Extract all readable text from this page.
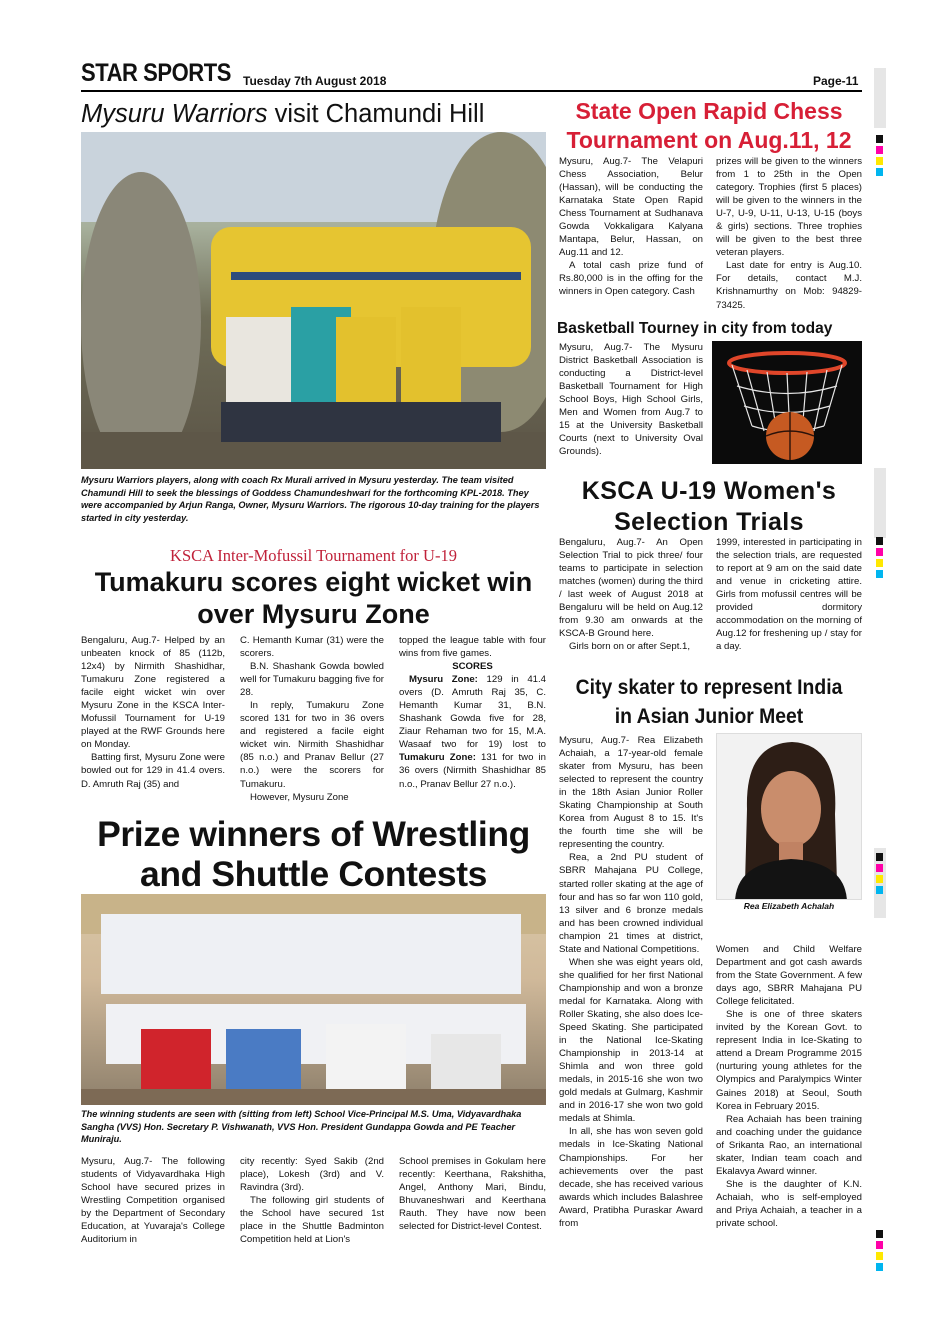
STAR SPORTS Tuesday 7th August 2018	Page-11
Mysuru Warriors visit Chamundi Hill

Mysuru Warriors players, along with coach Rx Murali arrived in Mysuru yesterday. The team visited Chamundi Hill to seek the blessings of Goddess Chamundeshwari for the forthcoming KPL-2018. They were accompanied by Arjun Ranga, Owner, Mysuru Warriors. The rigorous 10-day training for the players started in city yesterday.

KSCA Inter-Mofussil Tournament for U-19
Tumakuru scores eight wicket win
over Mysuru Zone

Bengaluru, Aug.7- Helped by an unbeaten knock of 85 (112b, 12x4) by Nirmith Shashidhar, Tumakuru Zone registered a facile eight wicket win over Mysuru Zone in the KSCA Inter-Mofussil Tournament for U-19 played at the RWF Grounds here on Monday.

Batting first, Mysuru Zone were bowled out for 129 in 41.4 overs. D. Amruth Raj (35) and

C. Hemanth Kumar (31) were the scorers.

B.N. Shashank Gowda bowled well for Tumakuru bagging five for 28.

In reply, Tumakuru Zone scored 131 for two in 36 overs and registered a facile eight wicket win. Nirmith Shashidhar (85 n.o.) and Pranav Bellur (27 n.o.) were the scorers for Tumakuru.

However, Mysuru Zone

topped the league table with four wins from five games.

SCORES

Mysuru Zone: 129 in 41.4 overs (D. Amruth Raj 35, C. Hemanth Kumar 31, B.N. Shashank Gowda five for 28, Ziaur Rehaman two for 15, M.A. Wasaaf two for 19) lost to Tumakuru Zone: 131 for two in 36 overs (Nirmith Shashidhar 85 n.o., Pranav Bellur 27 n.o.).

Prize winners of Wrestling
and Shuttle Contests

The winning students are seen with (sitting from left) School Vice-Principal M.S. Uma, Vidyavardhaka Sangha (VVS) Hon. Secretary P. Vishwanath, VVS Hon. President Gundappa Gowda and PE Teacher Muniraju.

Mysuru, Aug.7- The following students of Vidyavardhaka High School have secured prizes in Wrestling Competition organised by the Department of Secondary Education, at Yuvaraja's College Auditorium in

city recently: Syed Sakib (2nd place), Lokesh (3rd) and V. Ravindra (3rd).

The following girl students of the School have secured 1st place in the Shuttle Badminton Competition held at Lion's

School premises in Gokulam here recently: Keerthana, Rakshitha, Angel, Anthony Mari, Bindu, Bhuvaneshwari and Keerthana Rauth. They have now been selected for District-level Contest.

State Open Rapid Chess
Tournament on Aug.11, 12

Mysuru, Aug.7- The Velapuri Chess Association, Belur (Hassan), will be conducting the Karnataka State Open Rapid Chess Tournament at Sudhanava Gowda Vokkaligara Kalyana Mantapa, Belur, Hassan, on Aug.11 and 12.

A total cash prize fund of Rs.80,000 is in the offing for the winners in Open category. Cash

prizes will be given to the winners from 1 to 25th in the Open category. Trophies (first 5 places) will be given to the winners in the U-7, U-9, U-11, U-13, U-15 (boys & girls) sections. Three trophies will be given to the best three veteran players.

Last date for entry is Aug.10. For details, contact M.J. Krishnamurthy on Mob: 94829-73425.

Basketball Tourney in city from today

Mysuru, Aug.7- The Mysuru District Basketball Association is conducting a District-level Basketball Tournament for High School Boys, High School Girls, Men and Women from Aug.7 to 15 at the University Basketball Courts (next to University Oval Grounds).

KSCA U-19 Women's
Selection Trials

Bengaluru, Aug.7- An Open Selection Trial to pick three/ four teams to participate in selection matches (women) during the third / last week of August 2018 at Bengaluru will be held on Aug.12 from 9.30 am onwards at the KSCA-B Ground here.

Girls born on or after Sept.1,

1999, interested in participating in the selection trials, are requested to report at 9 am on the said date and venue in cricketing attire. Girls from mofussil centres will be provided dormitory accommodation on the morning of Aug.12 for freshening up / stay for a day.

City skater to represent India
in Asian Junior Meet
Rea Elizabeth Achalah

Mysuru, Aug.7- Rea Elizabeth Achaiah, a 17-year-old female skater from Mysuru, has been selected to represent the country in the 18th Asian Junior Roller Skating Championship at South Korea from August 8 to 15. It's the fourth time she will be representing the country.

Rea, a 2nd PU student of SBRR Mahajana PU College, started roller skating at the age of four and has so far won 110 gold, 13 silver and 6 bronze medals and has been crowned individual champion 21 times at district, State and National Competitions.

When she was eight years old, she qualified for her first National Championship and won a bronze medal for Karnataka. Along with Roller Skating, she also does Ice-Speed Skating. She participated in the National Ice-Skating Championship in 2013-14 at Shimla and won three gold medals, in 2015-16 she won two gold medals at Gulmarg, Kashmir and in 2016-17 she won two gold medals at Shimla.

In all, she has won seven gold medals in Ice-Skating National Championships. For her achievements over the past decade, she has received various awards which includes Balashree Award, Pratibha Puraskar Award from

Women and Child Welfare Department and got cash awards from the State Government. A few days ago, SBRR Mahajana PU College felicitated.

She is one of three skaters invited by the Korean Govt. to represent India in Ice-Skating to attend a Dream Programme 2015 (nurturing young athletes for the Olympics and Paralympics Winter Gaines 2018) at Seoul, South Korea in February 2015.

Rea Achaiah has been training and coaching under the guidance of Srikanta Rao, an international skater, Indian team coach and Ekalavya Award winner.

She is the daughter of K.N. Achaiah, who is self-employed and Priya Achaiah, a teacher in a private school.
